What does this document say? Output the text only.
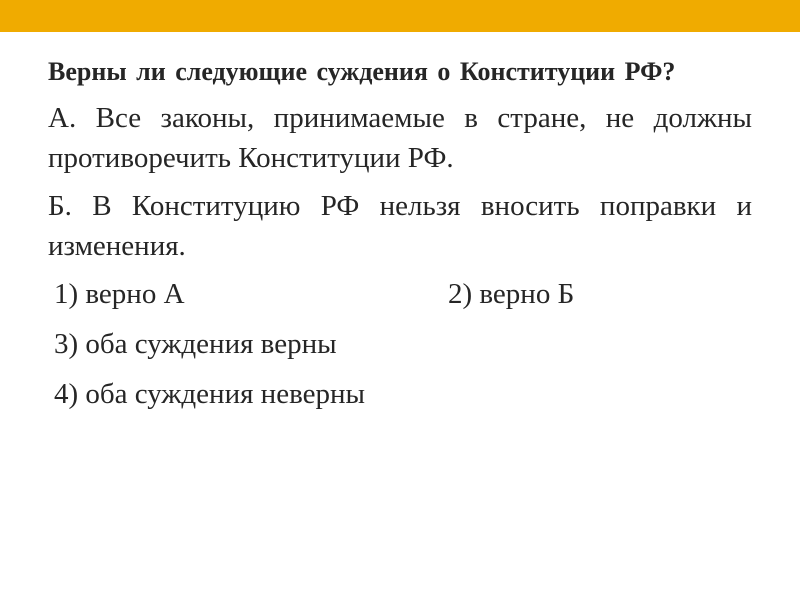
Верны ли следующие суждения о Конституции РФ?

А. Все законы, принимаемые в стране, не должны противоречить Конституции РФ.

Б. В Конституцию РФ нельзя вносить поправки и изменения.

1) верно А	2) верно Б
3) оба суждения верны
4) оба суждения неверны
